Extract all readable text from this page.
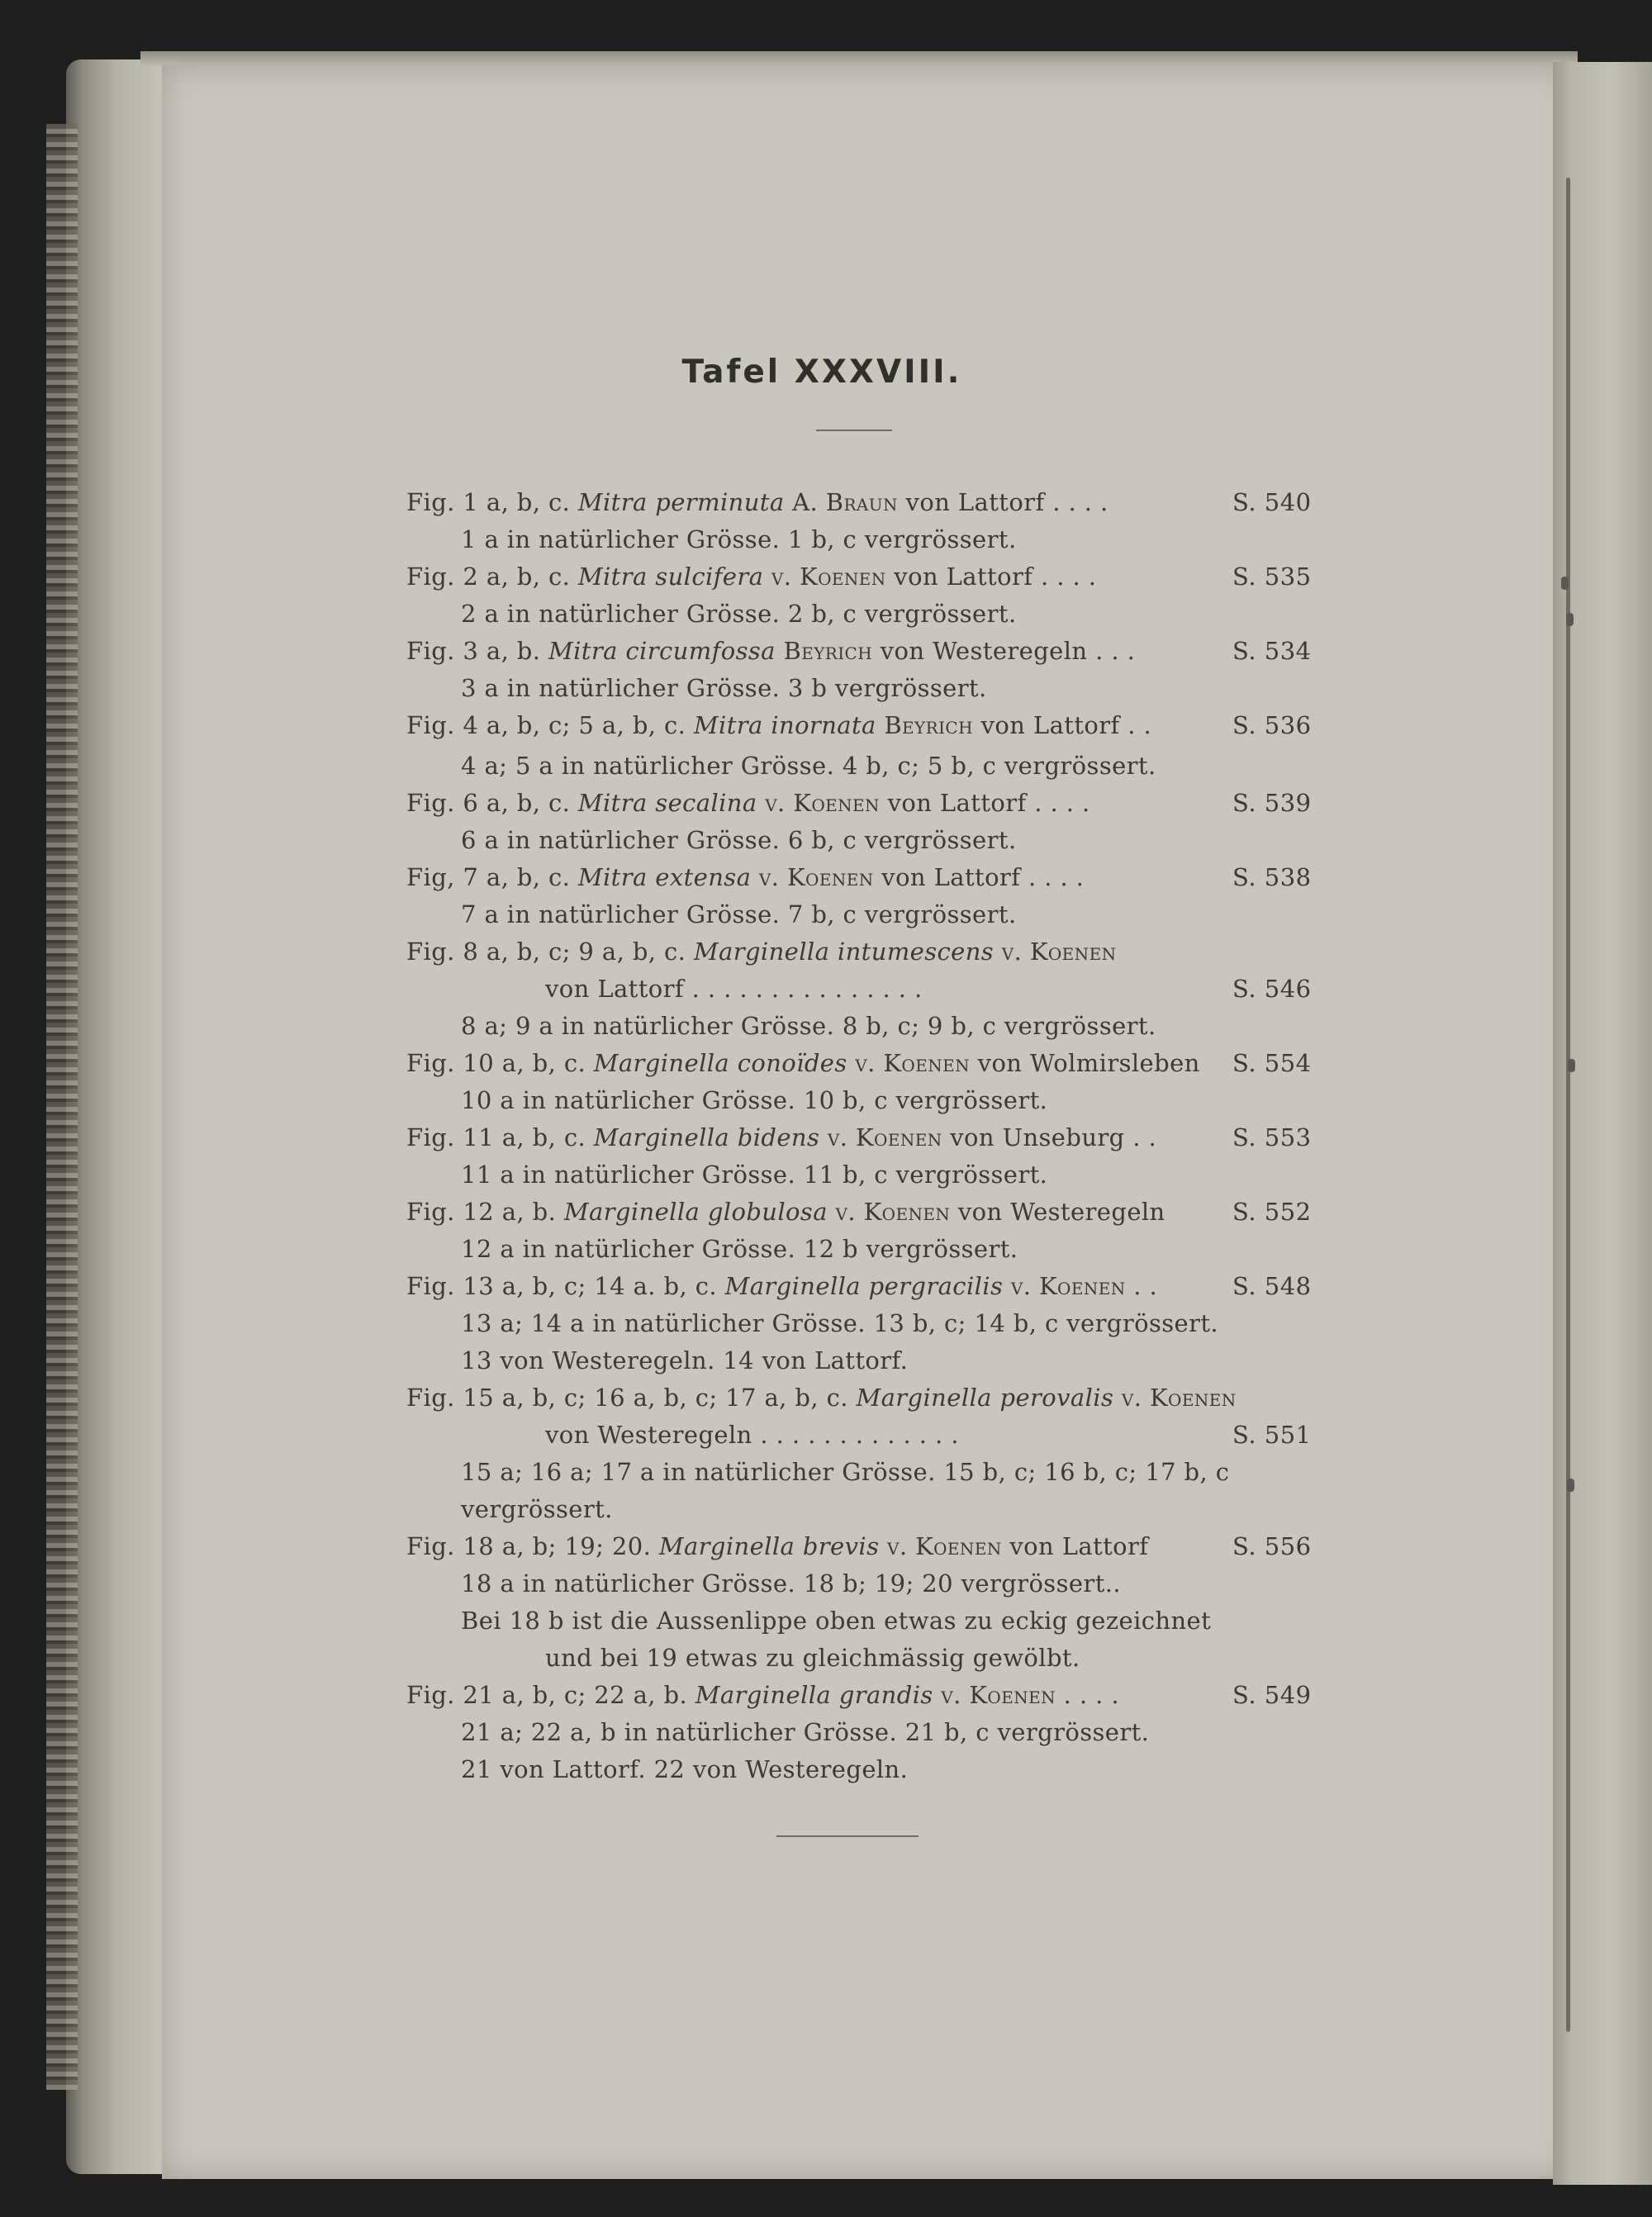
Tafel XXXVIII.
Fig. 1 a, b, c. Mitra perminuta A. Braun von Lattorf . . . .	S. 540
1 a in natürlicher Grösse. 1 b, c vergrössert.
Fig. 2 a, b, c. Mitra sulcifera v. Koenen von Lattorf . . . .	S. 535
2 a in natürlicher Grösse. 2 b, c vergrössert.
Fig. 3 a, b. Mitra circumfossa Beyrich von Westeregeln . . .	S. 534
3 a in natürlicher Grösse. 3 b vergrössert.
Fig. 4 a, b, c; 5 a, b, c. Mitra inornata Beyrich von Lattorf . .	S. 536
4 a; 5 a in natürlicher Grösse. 4 b, c; 5 b, c vergrössert.
Fig. 6 a, b, c. Mitra secalina v. Koenen von Lattorf . . . .	S. 539
6 a in natürlicher Grösse. 6 b, c vergrössert.
Fig, 7 a, b, c. Mitra extensa v. Koenen von Lattorf . . . .	S. 538
7 a in natürlicher Grösse. 7 b, c vergrössert.
Fig. 8 a, b, c; 9 a, b, c. Marginella intumescens v. Koenen
von Lattorf . . . . . . . . . . . . . . .	S. 546
8 a; 9 a in natürlicher Grösse. 8 b, c; 9 b, c vergrössert.
Fig. 10 a, b, c. Marginella conoïdes v. Koenen von Wolmirsleben S. 554
10 a in natürlicher Grösse. 10 b, c vergrössert.
Fig. 11 a, b, c. Marginella bidens v. Koenen von Unseburg . .	S. 553
11 a in natürlicher Grösse. 11 b, c vergrössert.
Fig. 12 a, b. Marginella globulosa v. Koenen von Westeregeln	S. 552
12 a in natürlicher Grösse. 12 b vergrössert.
Fig. 13 a, b, c; 14 a. b, c. Marginella pergracilis v. Koenen . .	S. 548
13 a; 14 a in natürlicher Grösse. 13 b, c; 14 b, c vergrössert.
13 von Westeregeln. 14 von Lattorf.
Fig. 15 a, b, c; 16 a, b, c; 17 a, b, c. Marginella perovalis v. Koenen
von Westeregeln . . . . . . . . . . . . .	S. 551
15 a; 16 a; 17 a in natürlicher Grösse. 15 b, c; 16 b, c; 17 b, c
vergrössert.
Fig. 18 a, b; 19; 20. Marginella brevis v. Koenen von Lattorf	S. 556
18 a in natürlicher Grösse. 18 b; 19; 20 vergrössert..
Bei 18 b ist die Aussenlippe oben etwas zu eckig gezeichnet
und bei 19 etwas zu gleichmässig gewölbt.
Fig. 21 a, b, c; 22 a, b. Marginella grandis v. Koenen . . . .	S. 549
21 a; 22 a, b in natürlicher Grösse. 21 b, c vergrössert.
21 von Lattorf. 22 von Westeregeln.
